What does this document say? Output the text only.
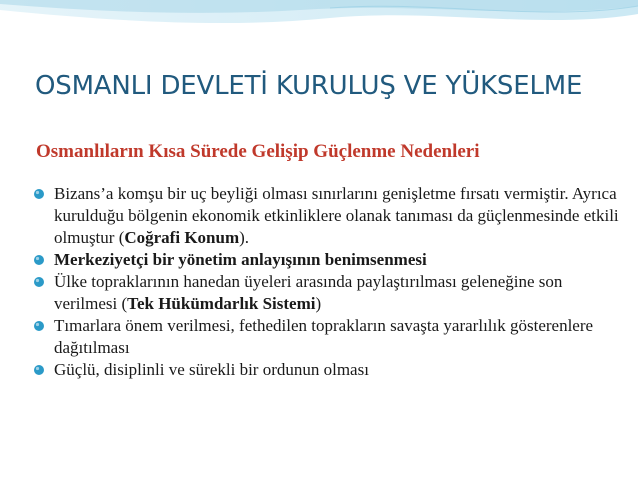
OSMANLI DEVLETİ KURULUŞ VE YÜKSELME
Osmanlıların Kısa Sürede Gelişip Güçlenme Nedenleri
Bizans’a komşu bir uç beyliği olması sınırlarını genişletme fırsatı vermiştir. Ayrıca kurulduğu bölgenin ekonomik etkinliklere olanak tanıması da güçlenmesinde etkili olmuştur (Coğrafi Konum).
Merkeziyetçi bir yönetim anlayışının benimsenmesi
Ülke topraklarının hanedan üyeleri arasında paylaştırılması geleneğine son verilmesi (Tek Hükümdarlık Sistemi)
Tımarlara önem verilmesi, fethedilen toprakların savaşta yararlılık gösterenlere dağıtılması
Güçlü, disiplinli ve sürekli bir ordunun olması
